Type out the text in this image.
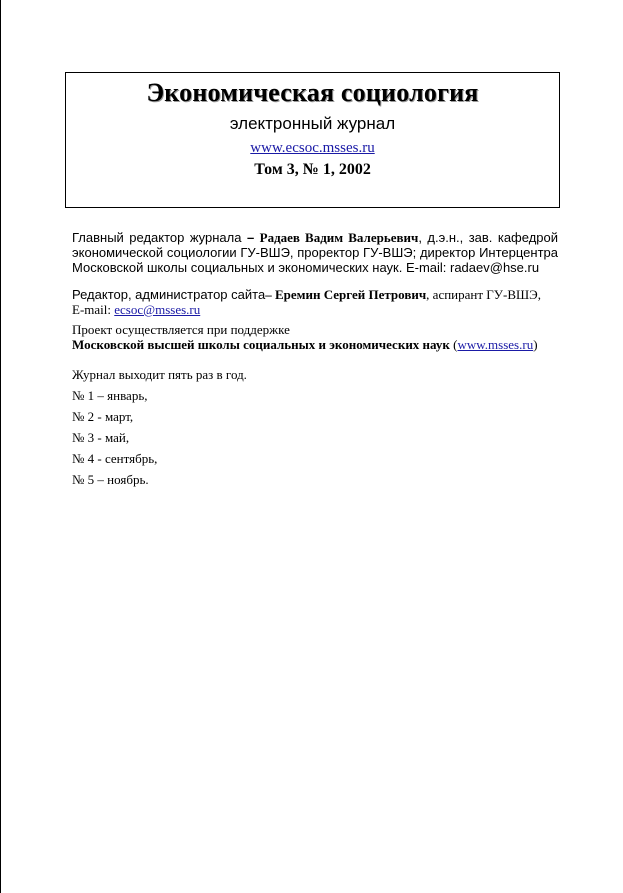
Экономическая социология
электронный журнал
www.ecsoc.msses.ru
Том 3, № 1, 2002
Главный редактор журнала – Радаев Вадим Валерьевич, д.э.н., зав. кафедрой экономической социологии ГУ-ВШЭ, проректор ГУ-ВШЭ; директор Интерцентра Московской школы социальных и экономических наук. E-mail: radaev@hse.ru
Редактор, администратор сайта– Еремин Сергей Петрович, аспирант ГУ-ВШЭ,
E-mail: ecsoc@msses.ru
Проект осуществляется при поддержке
Московской высшей школы социальных и экономических наук (www.msses.ru)
Журнал выходит пять раз в год.
№ 1 – январь,
№ 2 - март,
№ 3 - май,
№ 4 - сентябрь,
№ 5 – ноябрь.
